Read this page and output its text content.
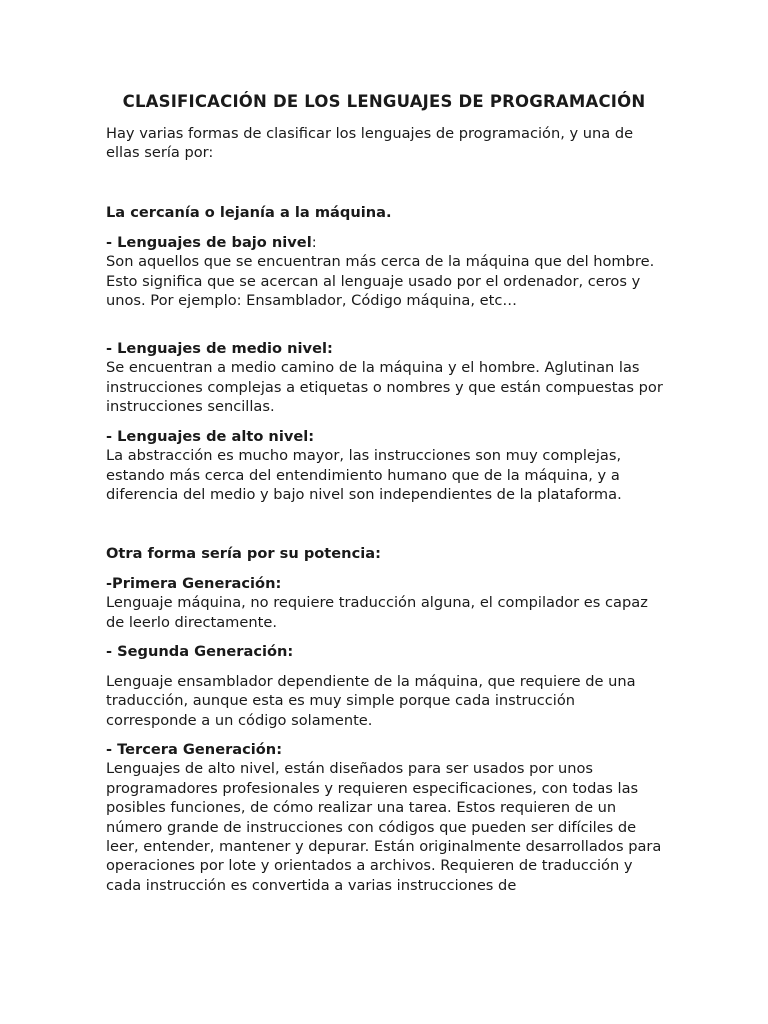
CLASIFICACIÓN DE LOS LENGUAJES DE PROGRAMACIÓN

Hay varias formas de clasificar los lenguajes de programación, y una de ellas sería por:

La cercanía o lejanía a la máquina.

- Lenguajes de bajo nivel:
Son aquellos que se encuentran más cerca de la máquina que del hombre. Esto significa que se acercan al lenguaje usado por el ordenador, ceros y unos. Por ejemplo: Ensamblador, Código máquina, etc…
- Lenguajes de medio nivel:
Se encuentran a medio camino de la máquina y el hombre. Aglutinan las instrucciones complejas a etiquetas o nombres y que están compuestas por instrucciones sencillas.
- Lenguajes de alto nivel:
La abstracción es mucho mayor, las instrucciones son muy complejas, estando más cerca del entendimiento humano que de la máquina, y a diferencia del medio y bajo nivel son independientes de la plataforma.

Otra forma sería por su potencia:

-Primera Generación:
Lenguaje máquina, no requiere traducción alguna, el compilador es capaz de leerlo directamente.

- Segunda Generación:

Lenguaje ensamblador dependiente de la máquina, que requiere de una traducción, aunque esta es muy simple porque cada instrucción corresponde a un código solamente.

- Tercera Generación:
Lenguajes de alto nivel, están diseñados para ser usados por unos programadores profesionales y requieren especificaciones, con todas las posibles funciones, de cómo realizar una tarea. Estos requieren de un número grande de instrucciones con códigos que pueden ser difíciles de leer, entender, mantener y depurar. Están originalmente desarrollados para operaciones por lote y orientados a archivos. Requieren de traducción y cada instrucción es convertida a varias instrucciones de
